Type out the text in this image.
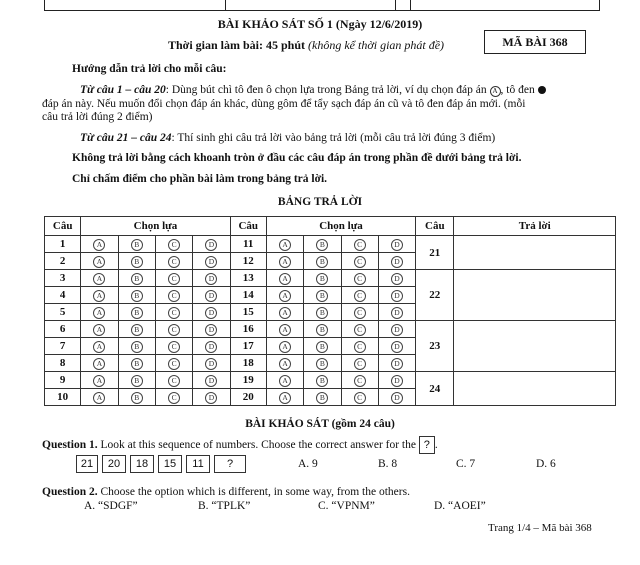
BÀI KHẢO SÁT SỐ 1 (Ngày 12/6/2019)
Thời gian làm bài: 45 phút (không kể thời gian phát đề)	MÃ BÀI 368
Hướng dẫn trả lời cho mỗi câu:
Từ câu 1 – câu 20: Dùng bút chì tô đen ô chọn lựa trong Bảng trả lời, ví dụ chọn đáp án A , tô đen
đáp án này. Nếu muốn đổi chọn đáp án khác, dùng gôm để tẩy sạch đáp án cũ và tô đen đáp án mới. (mỗi
câu trả lời đúng 2 điểm)
Từ câu 21 – câu 24: Thí sinh ghi câu trả lời vào bảng trả lời (mỗi câu trả lời đúng 3 điểm)
Không trả lời bằng cách khoanh tròn ở đầu các câu đáp án trong phần đề dưới bảng trả lời.
Chỉ chấm điểm cho phần bài làm trong bảng trả lời.
BẢNG TRẢ LỜI
Câu	Chọn lựa				Câu	Chọn lựa				Câu	Trả lời
1	A	B	C	D	11	A	B	C	D	21	
2	A	B	C	D	12	A	B	C	D		
3	A	B	C	D	13	A	B	C	D	22	
4	A	B	C	D	14	A	B	C	D		
5	A	B	C	D	15	A	B	C	D		
6	A	B	C	D	16	A	B	C	D	23	
7	A	B	C	D	17	A	B	C	D		
8	A	B	C	D	18	A	B	C	D		
9	A	B	C	D	19	A	B	C	D	24	
10	A	B	C	D	20	A	B	C	D		
BÀI KHẢO SÁT (gồm 24 câu)
Question 1. Look at this sequence of numbers. Choose the correct answer for the ? .
21	20	18	15	11	?	A. 9	B. 8	C. 7	D. 6
Question 2. Choose the option which is different, in some way, from the others.
A. “SDGF”	B. “TPLK”	C. “VPNM”	D. “AOEI”
Trang 1/4 – Mã bài 368
